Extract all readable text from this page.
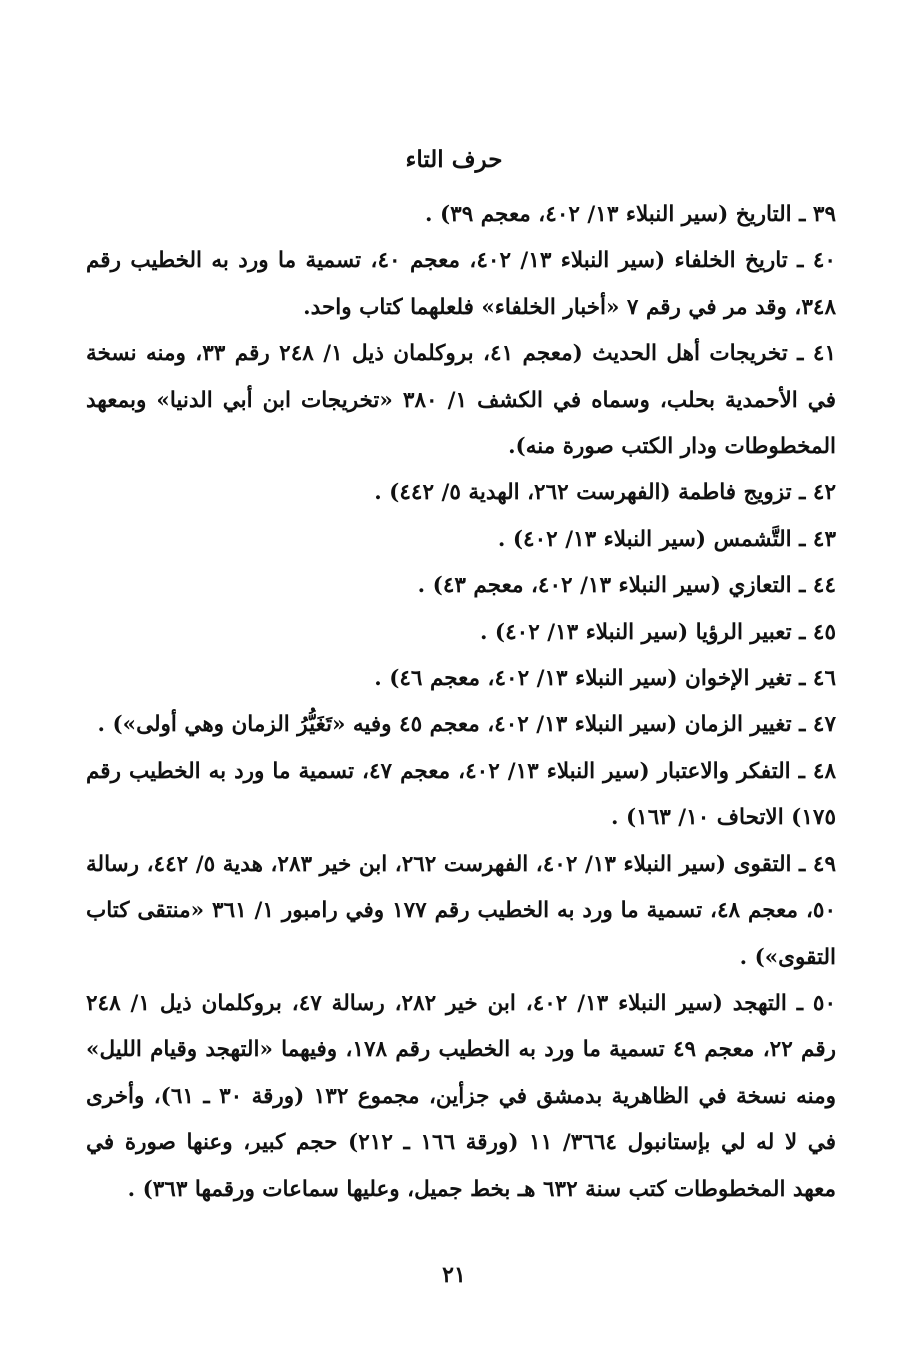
حرف التاء

٣٩ ـ التاريخ (سير النبلاء ١٣/ ٤٠٢، معجم ٣٩) .

٤٠ ـ تاريخ الخلفاء (سير النبلاء ١٣/ ٤٠٢، معجم ٤٠، تسمية ما ورد به الخطيب رقم ٣٤٨، وقد مر في رقم ٧ «أخبار الخلفاء» فلعلهما كتاب واحد.

٤١ ـ تخريجات أهل الحديث (معجم ٤١، بروكلمان ذيل ١/ ٢٤٨ رقم ٣٣، ومنه نسخة في الأحمدية بحلب، وسماه في الكشف ١/ ٣٨٠ «تخريجات ابن أبي الدنيا» وبمعهد المخطوطات ودار الكتب صورة منه).

٤٢ ـ تزويج فاطمة (الفهرست ٢٦٢، الهدية ٥/ ٤٤٢) .

٤٣ ـ التَّشمس (سير النبلاء ١٣/ ٤٠٢) .

٤٤ ـ التعازي (سير النبلاء ١٣/ ٤٠٢، معجم ٤٣) .

٤٥ ـ تعبير الرؤيا (سير النبلاء ١٣/ ٤٠٢) .

٤٦ ـ تغير الإخوان (سير النبلاء ١٣/ ٤٠٢، معجم ٤٦) .

٤٧ ـ تغيير الزمان (سير النبلاء ١٣/ ٤٠٢، معجم ٤٥ وفيه «تَغَيُّرُ الزمان وهي أولى») .

٤٨ ـ التفكر والاعتبار (سير النبلاء ١٣/ ٤٠٢، معجم ٤٧، تسمية ما ورد به الخطيب رقم ١٧٥) الاتحاف ١٠/ ١٦٣) .

٤٩ ـ التقوى (سير النبلاء ١٣/ ٤٠٢، الفهرست ٢٦٢، ابن خير ٢٨٣، هدية ٥/ ٤٤٢، رسالة ٥٠، معجم ٤٨، تسمية ما ورد به الخطيب رقم ١٧٧ وفي رامبور ١/ ٣٦١ «منتقى كتاب التقوى») .

٥٠ ـ التهجد (سير النبلاء ١٣/ ٤٠٢، ابن خير ٢٨٢، رسالة ٤٧، بروكلمان ذيل ١/ ٢٤٨ رقم ٢٢، معجم ٤٩ تسمية ما ورد به الخطيب رقم ١٧٨، وفيهما «التهجد وقيام الليل» ومنه نسخة في الظاهرية بدمشق في جزأين، مجموع ١٣٢ (ورقة ٣٠ ـ ٦١)، وأخرى في لا له لي بإستانبول ٣٦٦٤/ ١١ (ورقة ١٦٦ ـ ٢١٢) حجم كبير، وعنها صورة في معهد المخطوطات كتب سنة ٦٣٢ هـ بخط جميل، وعليها سماعات ورقمها ٣٦٣) .

٢١
